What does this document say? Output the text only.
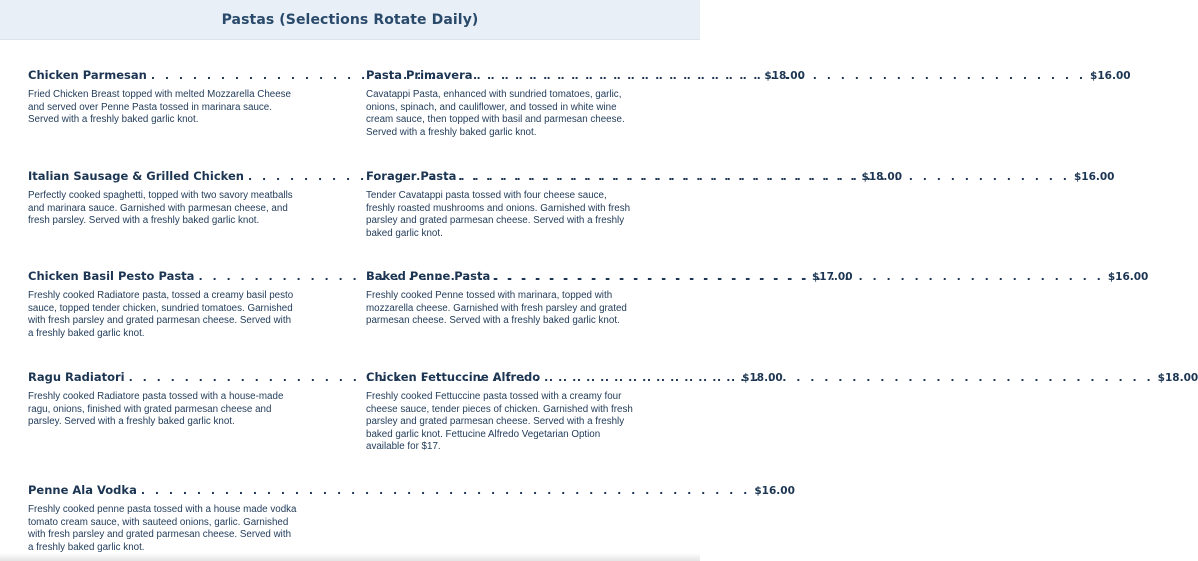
Pastas (Selections Rotate Daily)
Chicken Parmesan . . .	$18.00

Fried Chicken Breast topped with melted Mozzarella Cheese and served over Penne Pasta tossed in marinara sauce. Served with a freshly baked garlic knot.

Pasta Primavera . . .	$16.00

Cavatappi Pasta, enhanced with sundried tomatoes, garlic, onions, spinach, and cauliflower, and tossed in white wine cream sauce, then topped with basil and parmesan cheese. Served with a freshly baked garlic knot.

Italian Sausage & Grilled Chicken . . .	$18.00

Perfectly cooked spaghetti, topped with two savory meatballs and marinara sauce. Garnished with parmesan cheese, and fresh parsley. Served with a freshly baked garlic knot.

Forager Pasta . . .	$16.00

Tender Cavatappi pasta tossed with four cheese sauce, freshly roasted mushrooms and onions. Garnished with fresh parsley and grated parmesan cheese. Served with a freshly baked garlic knot.

Chicken Basil Pesto Pasta . . .	$17.00

Freshly cooked Radiatore pasta, tossed a creamy basil pesto sauce, topped tender chicken, sundried tomatoes. Garnished with fresh parsley and grated parmesan cheese. Served with a freshly baked garlic knot.

Baked Penne Pasta . . .	$16.00

Freshly cooked Penne tossed with marinara, topped with mozzarella cheese. Garnished with fresh parsley and grated parmesan cheese. Served with a freshly baked garlic knot.

Ragu Radiatori . . .	$18.00

Freshly cooked Radiatore pasta tossed with a house-made ragu, onions, finished with grated parmesan cheese and parsley. Served with a freshly baked garlic knot.

Chicken Fettuccine Alfredo . . .	$18.00

Freshly cooked Fettuccine pasta tossed with a creamy four cheese sauce, tender pieces of chicken. Garnished with fresh parsley and grated parmesan cheese. Served with a freshly baked garlic knot. Fettucine Alfredo Vegetarian Option available for $17.

Penne Ala Vodka . . .	$16.00

Freshly cooked penne pasta tossed with a house made vodka tomato cream sauce, with sauteed onions, garlic. Garnished with fresh parsley and grated parmesan cheese. Served with a freshly baked garlic knot.
